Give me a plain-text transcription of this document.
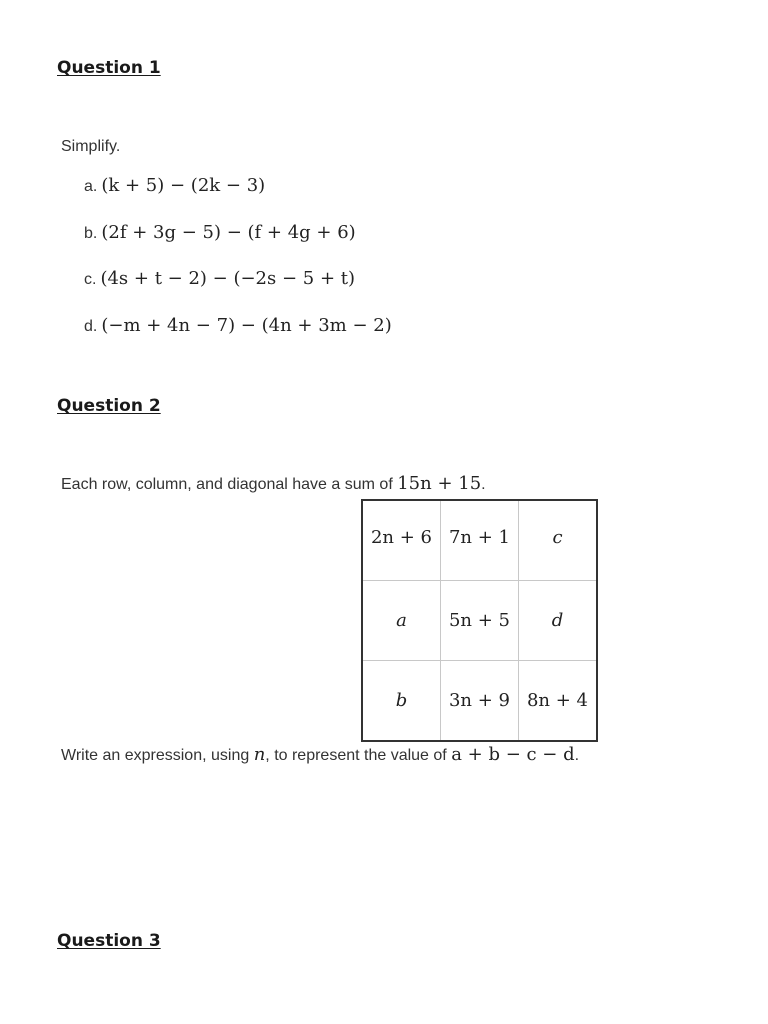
Question 1
Simplify.
a. (k + 5) − (2k − 3)
b. (2f + 3g − 5) − (f + 4g + 6)
c. (4s + t − 2) − (−2s − 5 + t)
d. (−m + 4n − 7) − (4n + 3m − 2)
Question 2
Each row, column, and diagonal have a sum of 15n + 15.
2n + 6	7n + 1	c
a	5n + 5	d
b	3n + 9	8n + 4
Write an expression, using n, to represent the value of a + b − c − d.
Question 3
